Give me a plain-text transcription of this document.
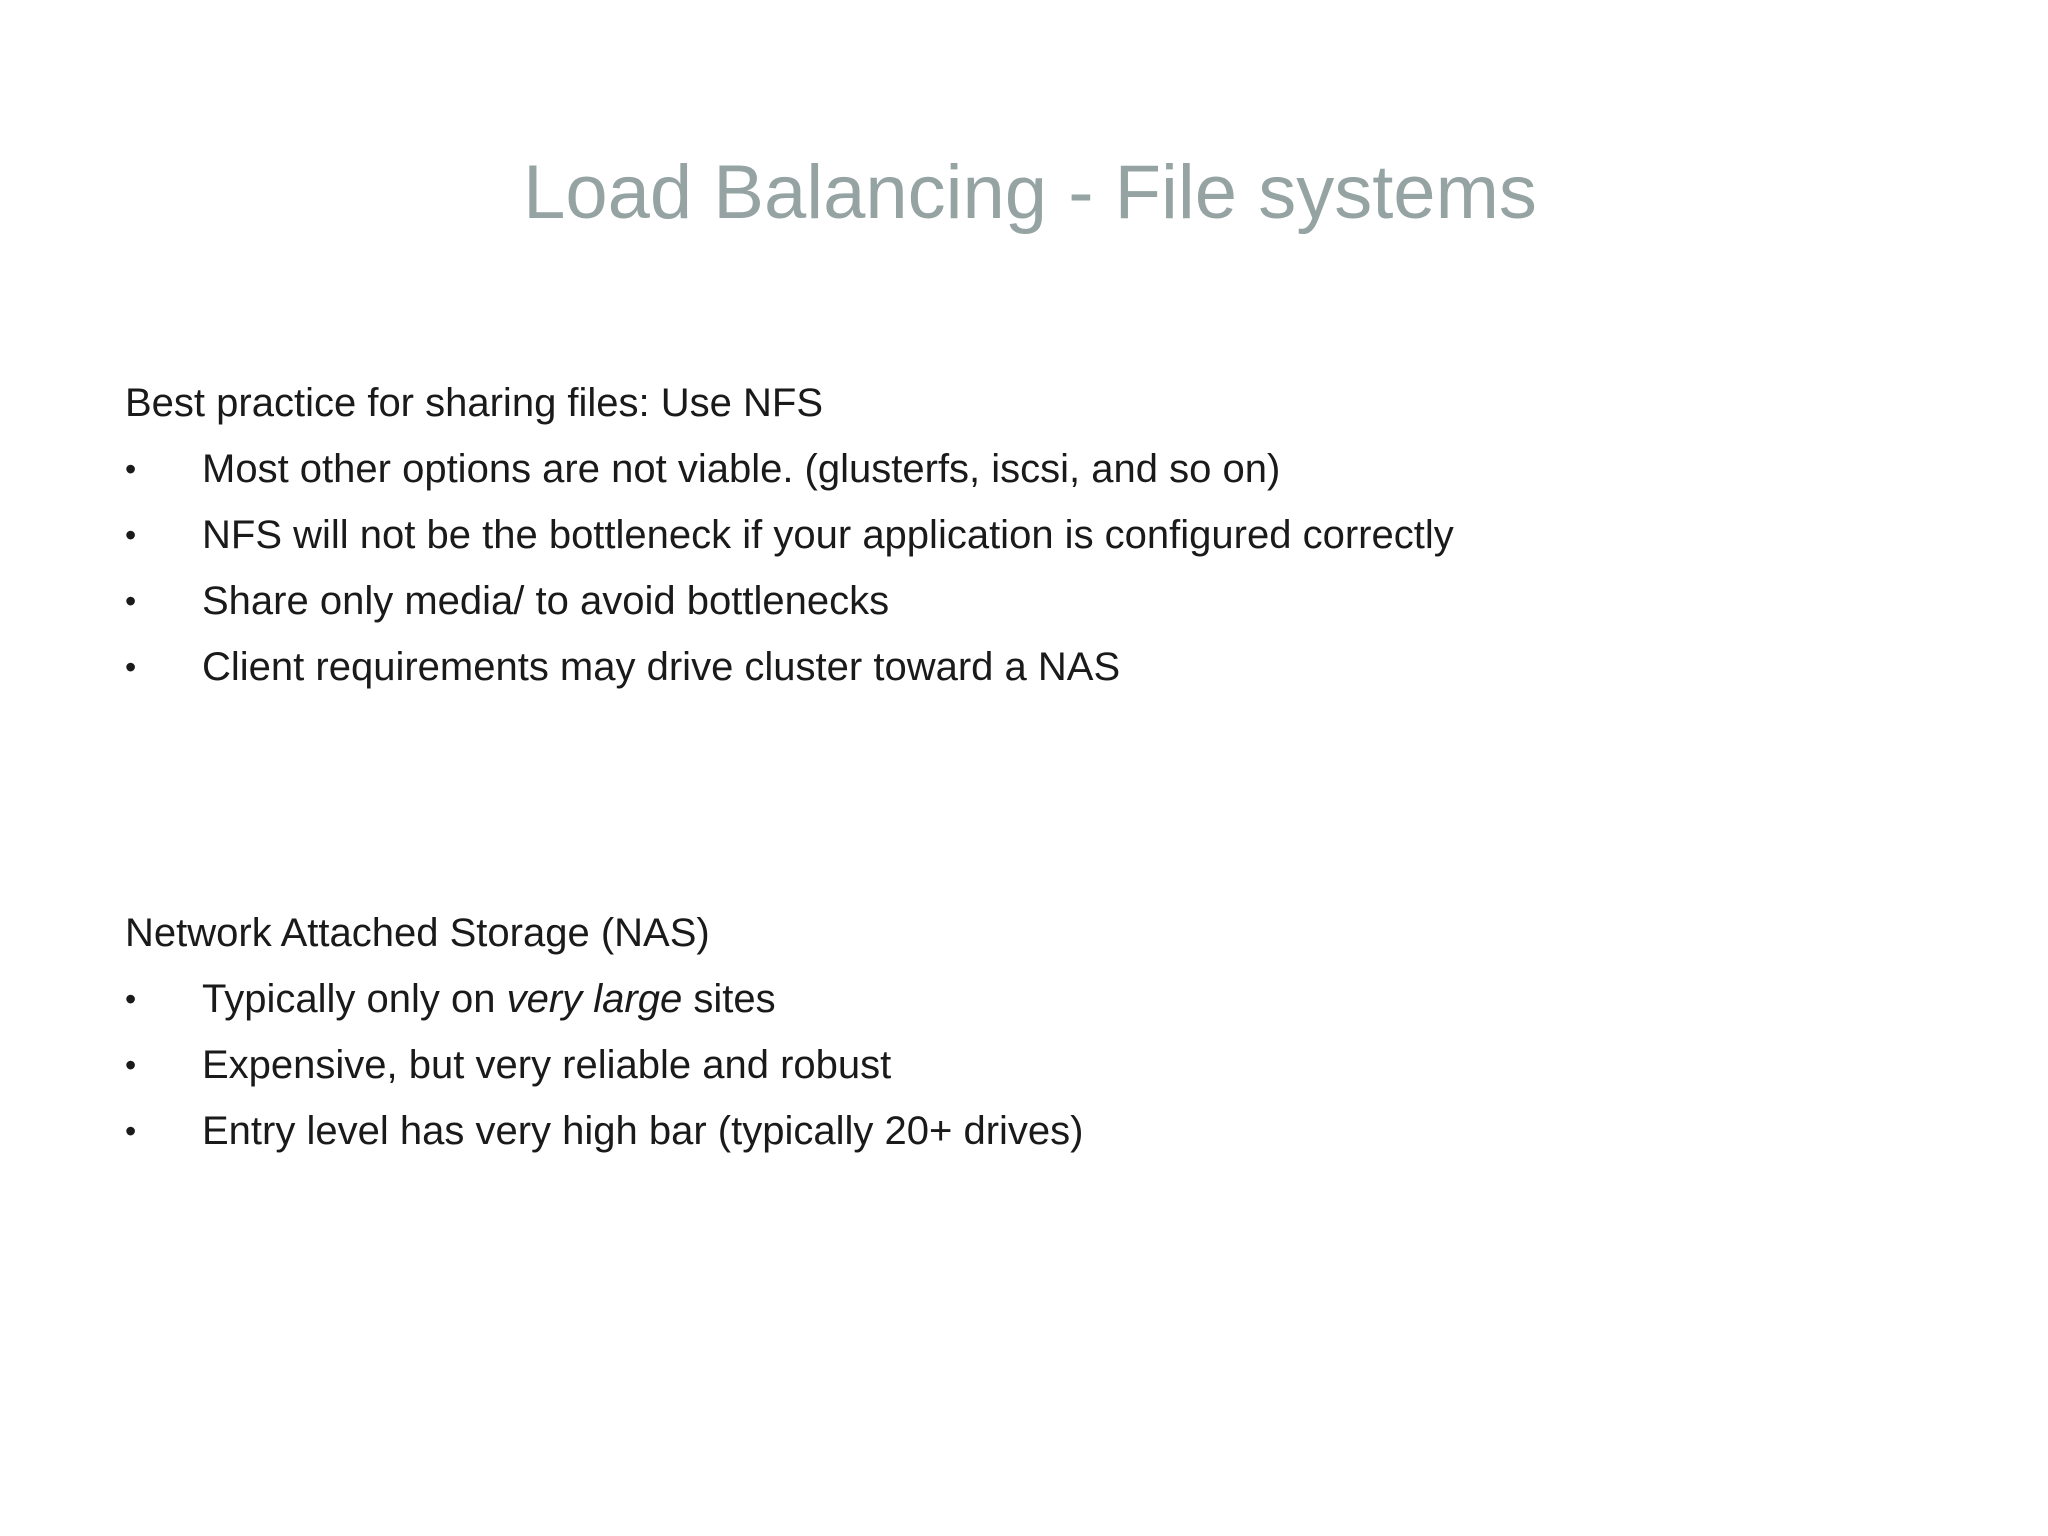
Load Balancing - File systems
Best practice for sharing files: Use NFS
• Most other options are not viable. (glusterfs, iscsi, and so on)
• NFS will not be the bottleneck if your application is configured correctly
• Share only media/ to avoid bottlenecks
• Client requirements may drive cluster toward a NAS
Network Attached Storage (NAS)
• Typically only on very large sites
• Expensive, but very reliable and robust
• Entry level has very high bar (typically 20+ drives)
